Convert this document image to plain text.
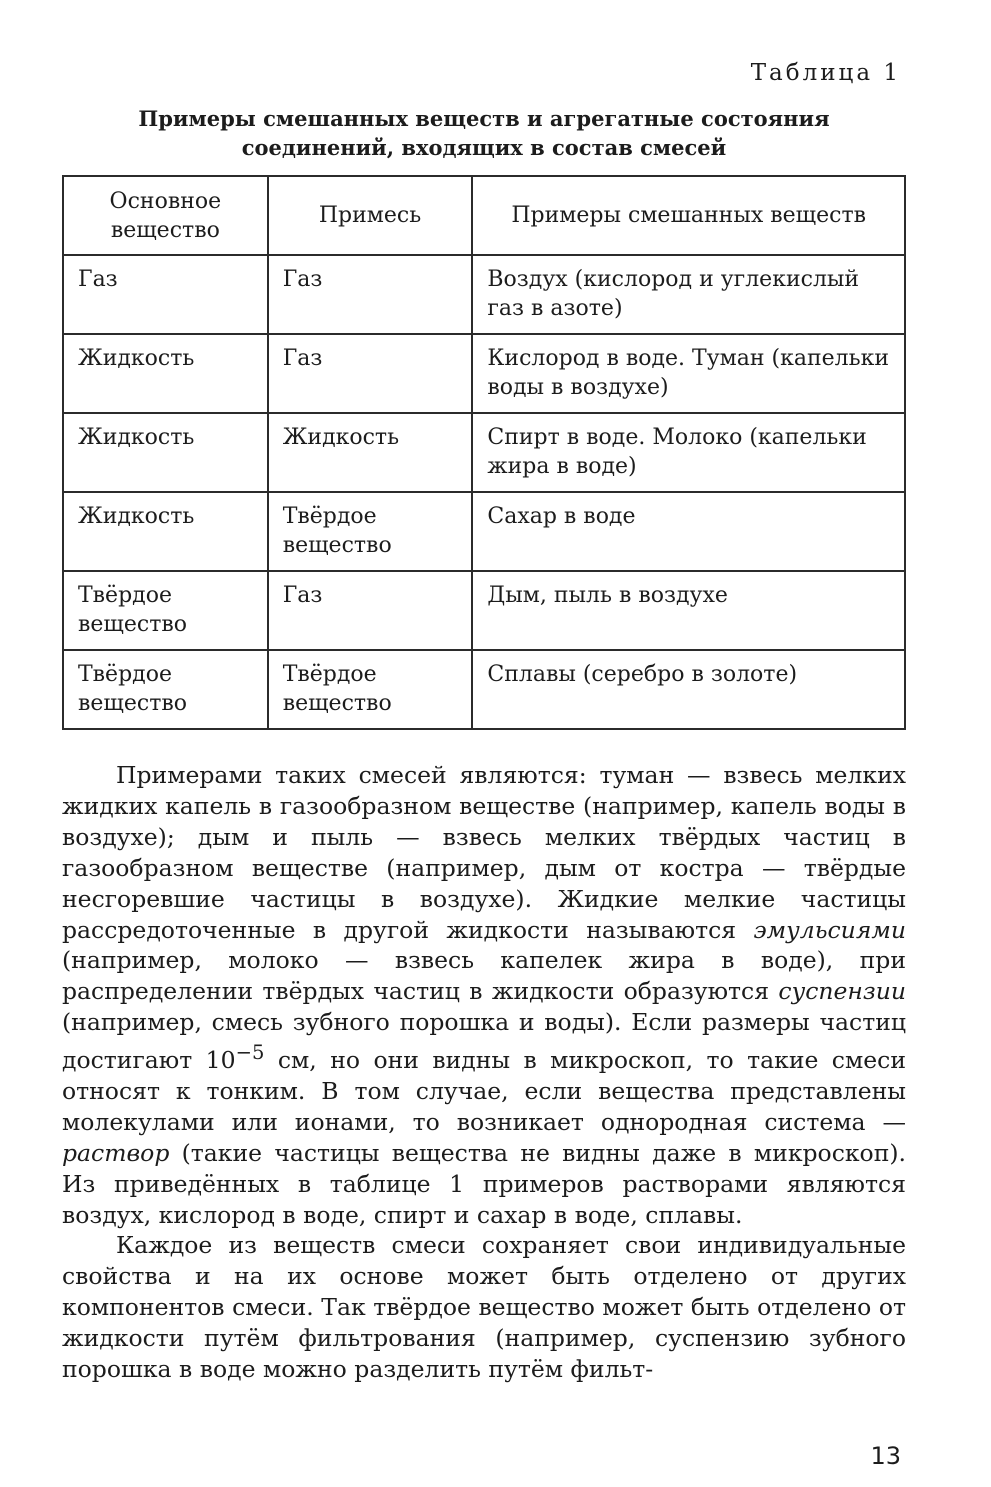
Таблица 1
Примеры смешанных веществ и агрегатные состояния соединений, входящих в состав смесей
Основное вещество	Примесь	Примеры смешанных веществ
Газ	Газ	Воздух (кислород и углекислый газ в азоте)
Жидкость	Газ	Кислород в воде. Туман (капельки воды в воздухе)
Жидкость	Жидкость	Спирт в воде. Молоко (капельки жира в воде)
Жидкость	Твёрдое вещество	Сахар в воде
Твёрдое вещество	Газ	Дым, пыль в воздухе
Твёрдое вещество	Твёрдое вещество	Сплавы (серебро в золоте)

Примерами таких смесей являются: туман — взвесь мелких жидких капель в газообразном веществе (например, капель воды в воздухе); дым и пыль — взвесь мелких твёрдых частиц в газообразном веществе (например, дым от костра — твёрдые несгоревшие частицы в воздухе). Жидкие мелкие частицы рассредоточенные в другой жидкости называются эмульсиями (например, молоко — взвесь капелек жира в воде), при распределении твёрдых частиц в жидкости образуются суспензии (например, смесь зубного порошка и воды). Если размеры частиц достигают $10^{-5}$ см, но они видны в микроскоп, то такие смеси относят к тонким. В том случае, если вещества представлены молекулами или ионами, то возникает однородная система — раствор (такие частицы вещества не видны даже в микроскоп). Из приведённых в таблице 1 примеров растворами являются воздух, кислород в воде, спирт и сахар в воде, сплавы.

Каждое из веществ смеси сохраняет свои индивидуальные свойства и на их основе может быть отделено от других компонентов смеси. Так твёрдое вещество может быть отделено от жидкости путём фильтрования (например, суспензию зубного порошка в воде можно разделить путём фильт-

13
